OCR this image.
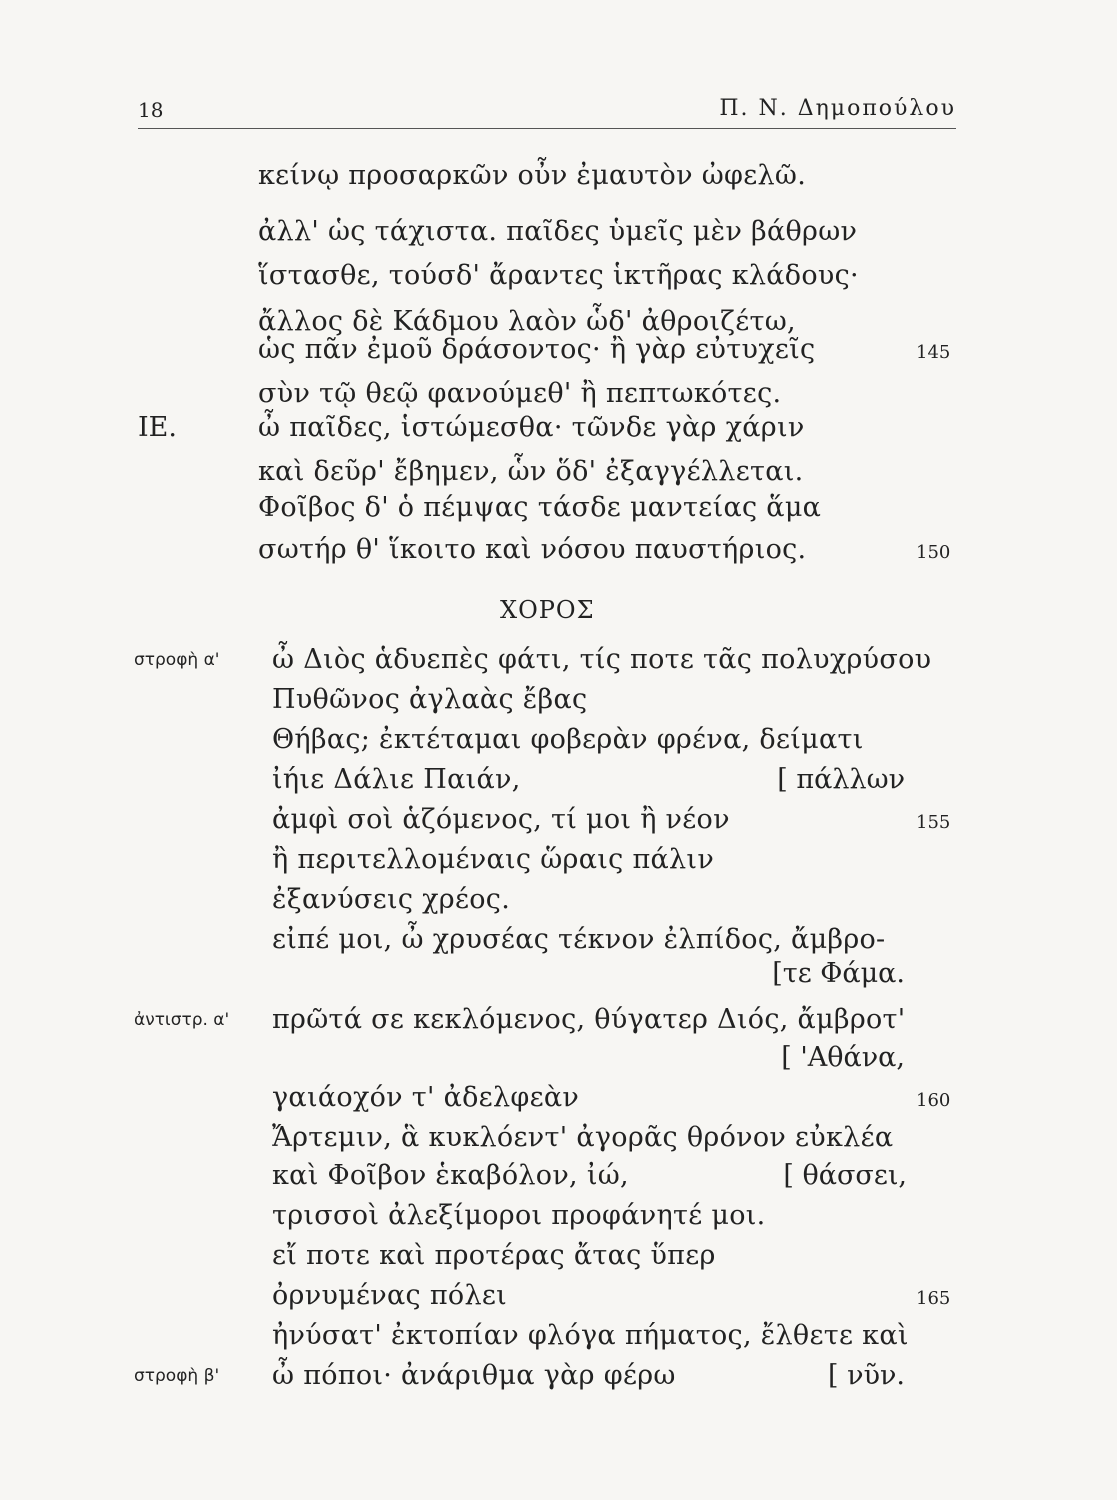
18	Π. Ν. Δημοπούλου
κείνῳ προσαρκῶν οὖν ἐμαυτὸν ὠφελῶ.
ἀλλ' ὡς τάχιστα. παῖδες ὑμεῖς μὲν βάθρων
ἵστασθε, τούσδ' ἄραντες ἱκτῆρας κλάδους·
ἄλλος δὲ Κάδμου λαὸν ὧδ' ἀθροιζέτω,
ὡς πᾶν ἐμοῦ δράσοντος· ἢ γὰρ εὐτυχεῖς	145
σὺν τῷ θεῷ φανούμεθ' ἢ πεπτωκότες.
ΙΕ.	ὦ παῖδες, ἱστώμεσθα· τῶνδε γὰρ χάριν
καὶ δεῦρ' ἔβημεν, ὧν ὅδ' ἐξαγγέλλεται.
Φοῖβος δ' ὁ πέμψας τάσδε μαντείας ἅμα
σωτήρ θ' ἵκοιτο καὶ νόσου παυστήριος.	150
ΧΟΡΟΣ
στροφὴ α' ὦ Διὸς ἁδυεπὲς φάτι, τίς ποτε τᾶς πολυχρύσου
Πυθῶνος ἀγλαὰς ἔβας
Θήβας; ἐκτέταμαι φοβερὰν φρένα, δείματι
ἰήιε Δάλιε Παιάν,	[ πάλλων
ἀμφὶ σοὶ ἁζόμενος, τί μοι ἢ νέον	155
ἢ περιτελλομέναις ὥραις πάλιν
ἐξανύσεις χρέος.
εἰπέ μοι, ὦ χρυσέας τέκνον ἐλπίδος, ἄμβρο-
[τε Φάμα.
ἀντιστρ. α' πρῶτά σε κεκλόμενος, θύγατερ Διός, ἄμβροτ'
[ 'Αθάνα,
γαιάοχόν τ' ἀδελφεὰν	160
Ἄρτεμιν, ἃ κυκλόεντ' ἀγορᾶς θρόνον εὐκλέα
καὶ Φοῖβον ἑκαβόλον, ἰώ,	[ θάσσει,
τρισσοὶ ἀλεξίμοροι προφάνητέ μοι.
εἴ ποτε καὶ προτέρας ἄτας ὕπερ
ὀρνυμένας πόλει	165
ἠνύσατ' ἐκτοπίαν φλόγα πήματος, ἔλθετε καὶ
στροφὴ β' ὦ πόποι· ἀνάριθμα γὰρ φέρω	[ νῦν.
